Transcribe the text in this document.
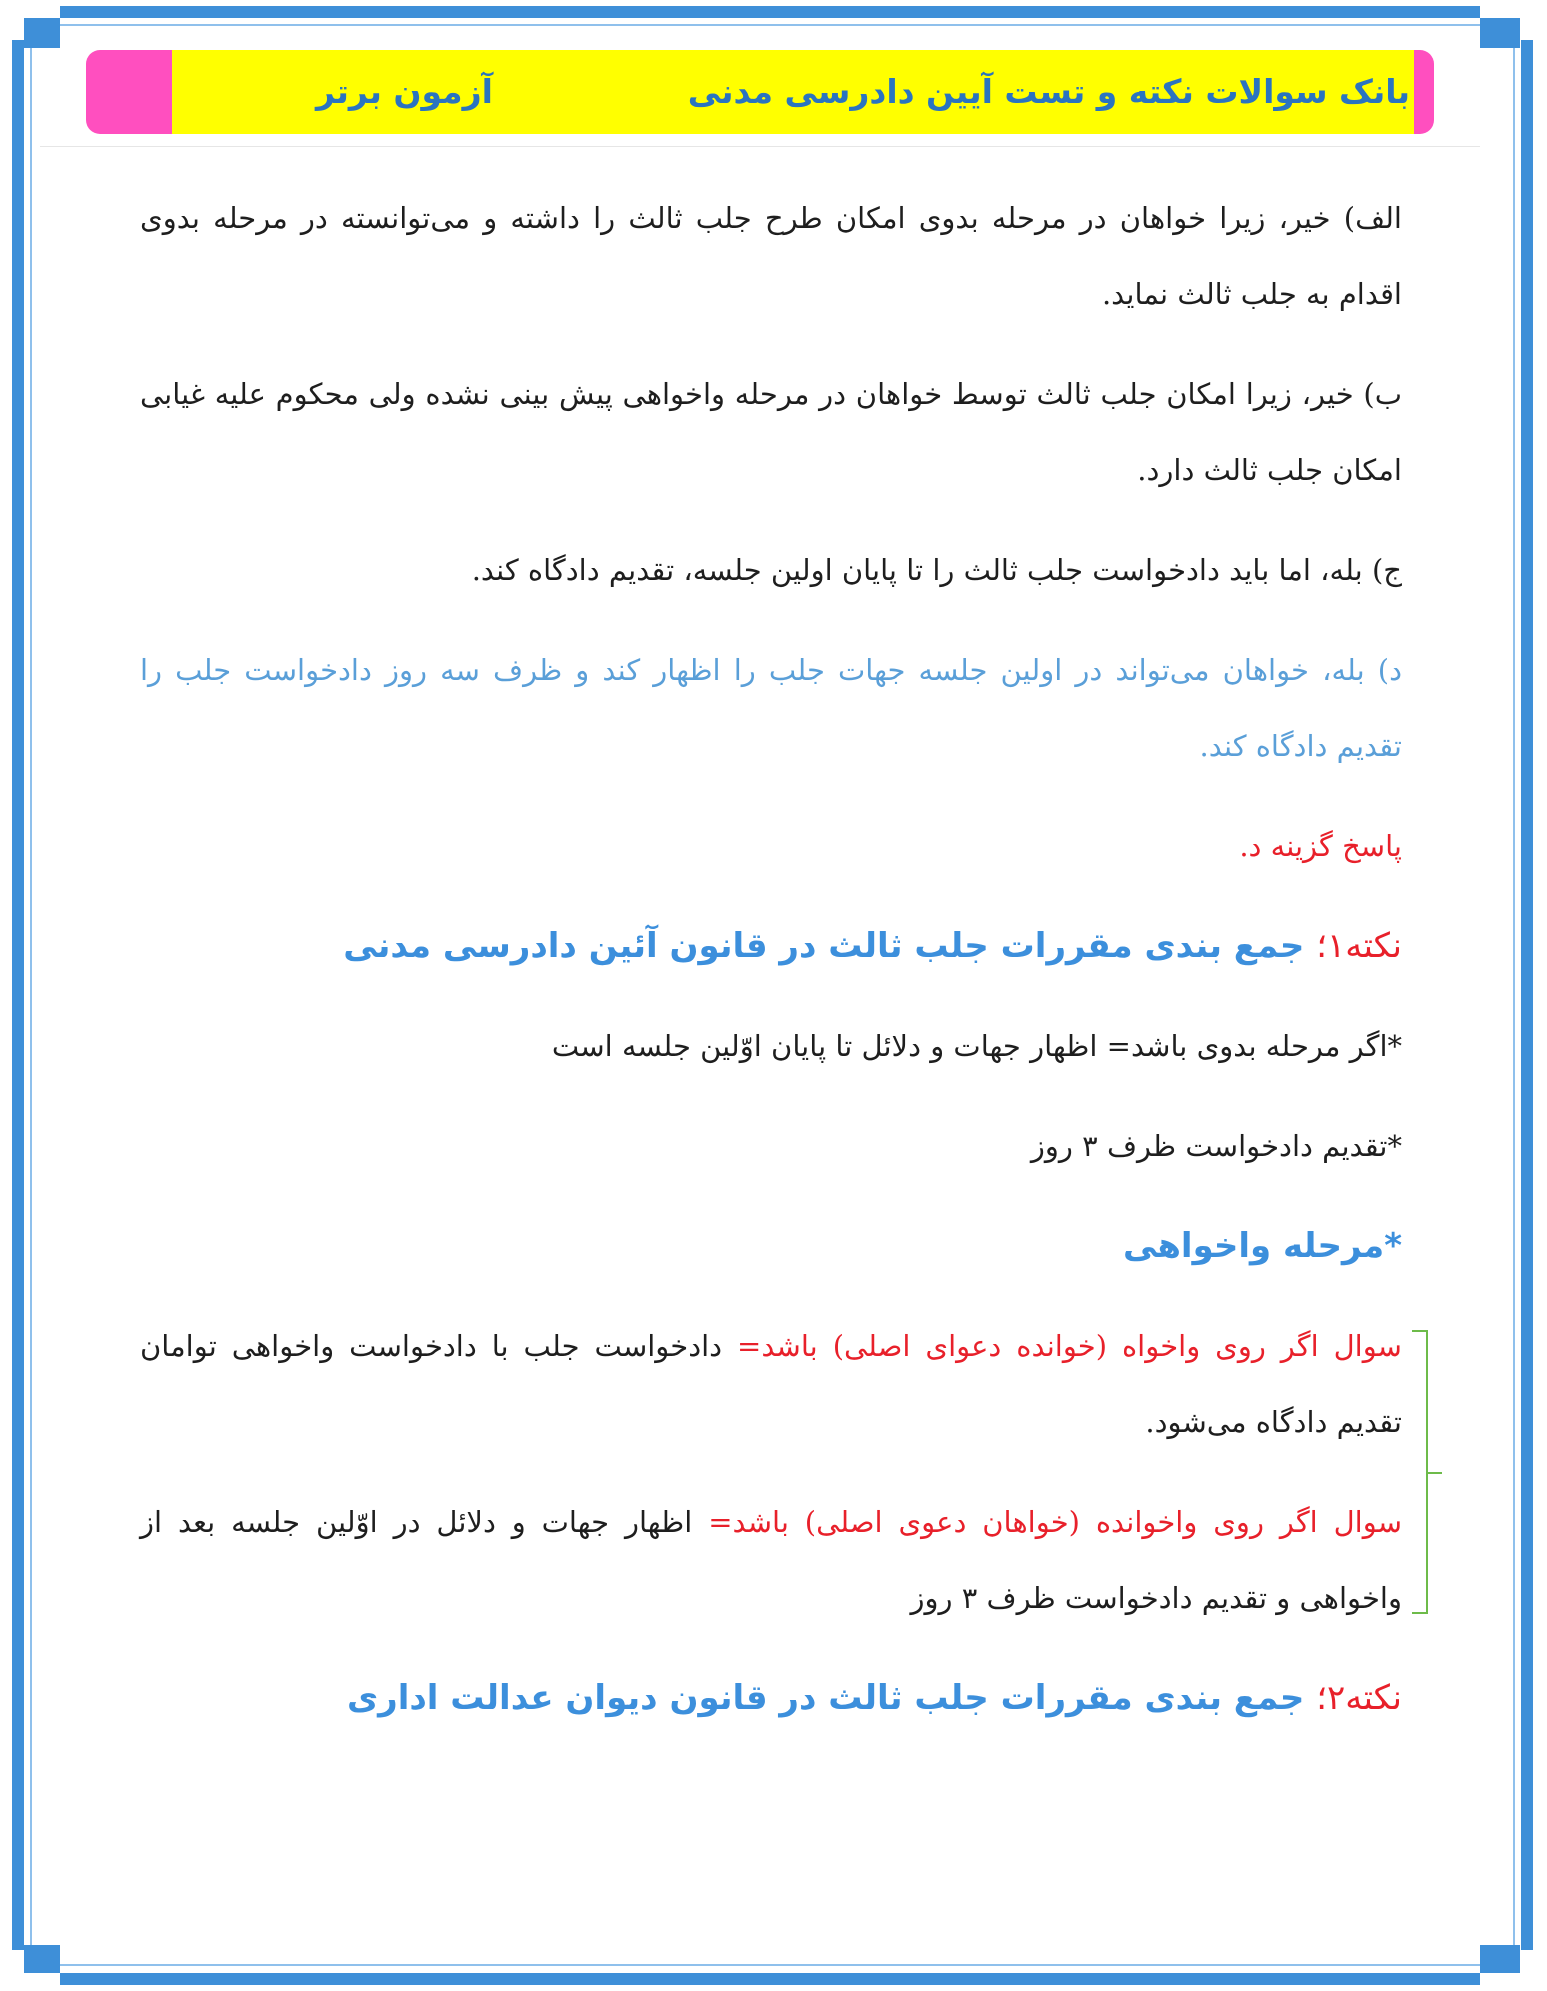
بانک سوالات نکته و تست آیین دادرسی مدنی
آزمون برتر

الف) خیر، زیرا خواهان در مرحله بدوی امکان طرح جلب ثالث را داشته و می‌توانسته در مرحله بدوی اقدام به جلب ثالث نماید.

ب) خیر، زیرا امکان جلب ثالث توسط خواهان در مرحله واخواهی پیش بینی نشده ولی محکوم علیه غیابی امکان جلب ثالث دارد.

ج) بله، اما باید دادخواست جلب ثالث را تا پایان اولین جلسه، تقدیم دادگاه کند.

د) بله، خواهان می‌تواند در اولین جلسه جهات جلب را اظهار کند و ظرف سه روز دادخواست جلب را تقدیم دادگاه کند.

پاسخ گزینه د.

نکته۱؛ جمع بندی مقررات جلب ثالث در قانون آئین دادرسی مدنی

*اگر مرحله بدوی باشد= اظهار جهات و دلائل تا پایان اوّلین جلسه است

*تقدیم دادخواست ظرف ۳ روز

*مرحله واخواهی

سوال اگر روی واخواه (خوانده دعوای اصلی) باشد= دادخواست جلب با دادخواست واخواهی توامان تقدیم دادگاه می‌شود.

سوال اگر روی واخوانده (خواهان دعوی اصلی) باشد= اظهار جهات و دلائل در اوّلین جلسه بعد از واخواهی و تقدیم دادخواست ظرف ۳ روز

نکته۲؛ جمع بندی مقررات جلب ثالث در قانون دیوان عدالت اداری
